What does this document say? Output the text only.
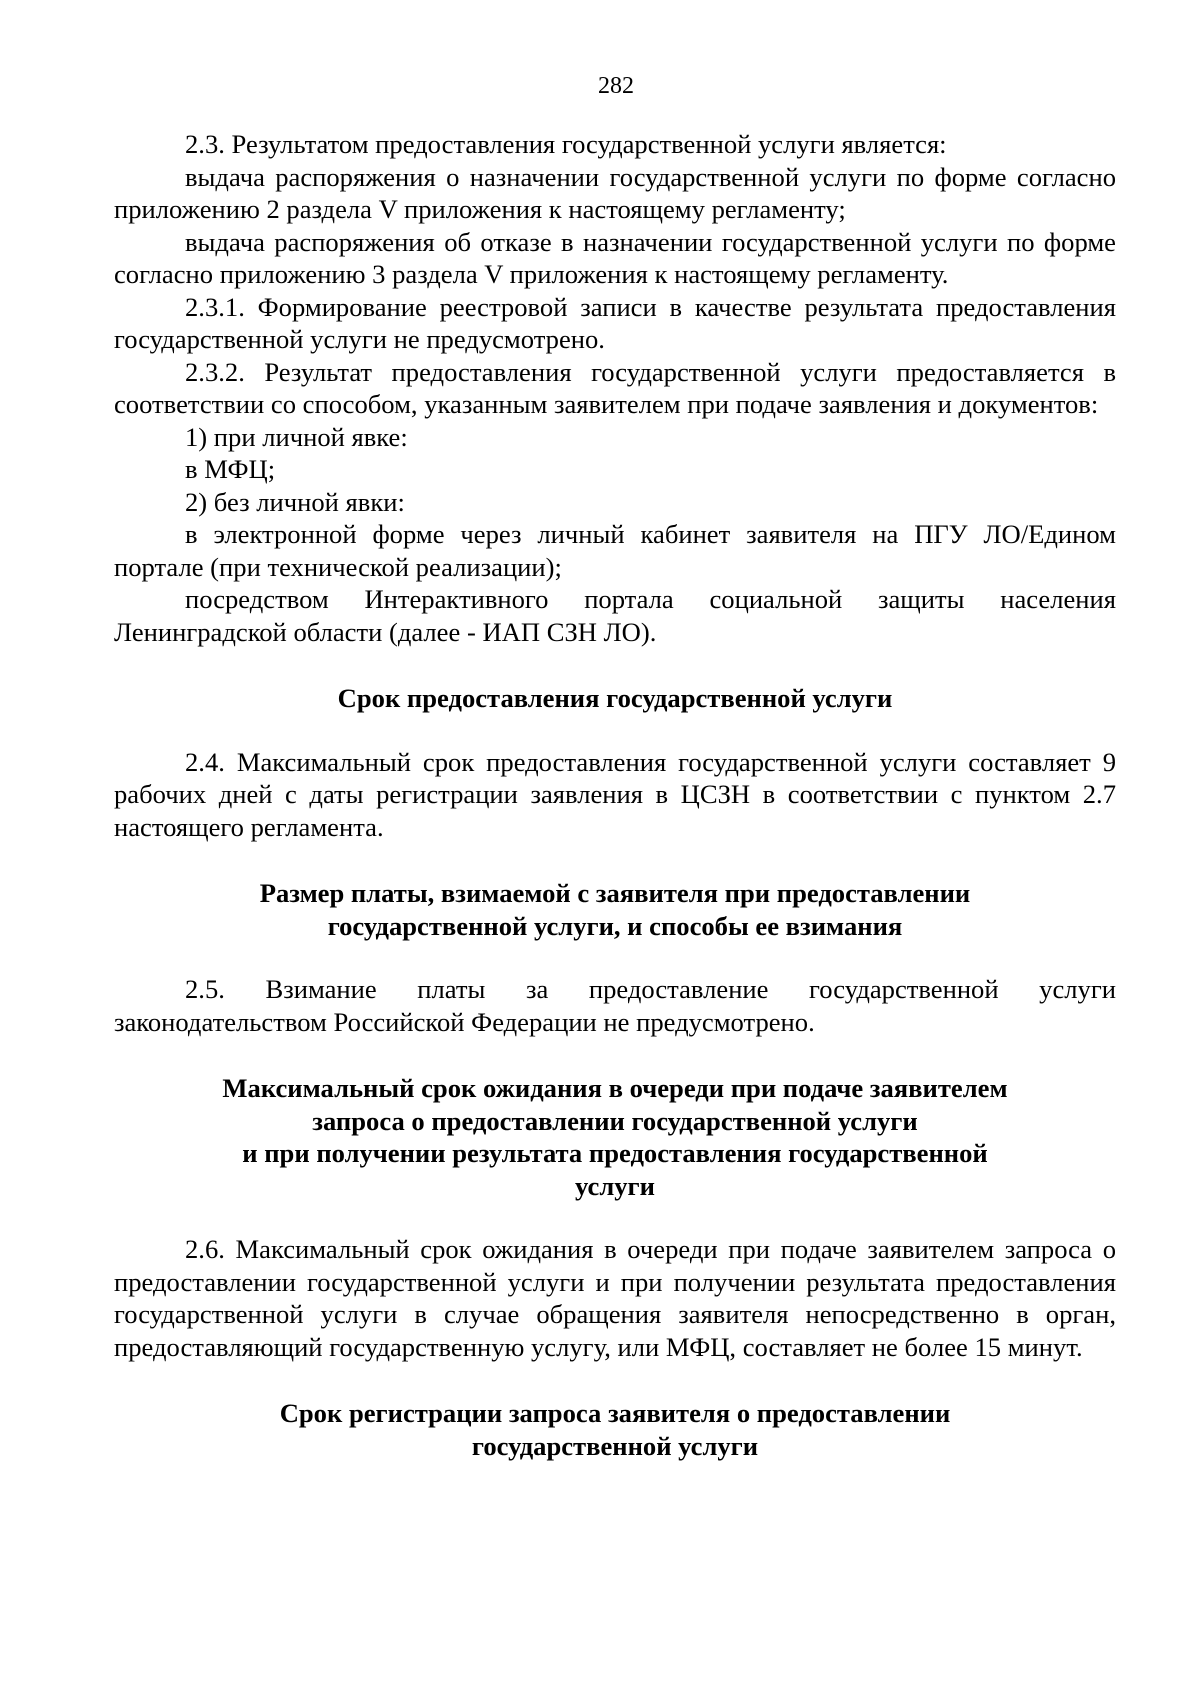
282

2.3. Результатом предоставления государственной услуги является:

выдача распоряжения о назначении государственной услуги по форме согласно приложению 2 раздела V приложения к настоящему регламенту;

выдача распоряжения об отказе в назначении государственной услуги по форме согласно приложению 3 раздела V приложения к настоящему регламенту.

2.3.1. Формирование реестровой записи в качестве результата предоставления государственной услуги не предусмотрено.

2.3.2. Результат предоставления государственной услуги предоставляется в соответствии со способом, указанным заявителем при подаче заявления и документов:

1) при личной явке:

в МФЦ;

2) без личной явки:

в электронной форме через личный кабинет заявителя на ПГУ ЛО/Едином портале (при технической реализации);

посредством Интерактивного портала социальной защиты населения Ленинградской области (далее - ИАП СЗН ЛО).

Срок предоставления государственной услуги

2.4. Максимальный срок предоставления государственной услуги составляет 9 рабочих дней с даты регистрации заявления в ЦСЗН в соответствии с пунктом 2.7 настоящего регламента.

Размер платы, взимаемой с заявителя при предоставлении

государственной услуги, и способы ее взимания

2.5. Взимание платы за предоставление государственной услуги законодательством Российской Федерации не предусмотрено.

Максимальный срок ожидания в очереди при подаче заявителем

запроса о предоставлении государственной услуги

и при получении результата предоставления государственной

услуги

2.6. Максимальный срок ожидания в очереди при подаче заявителем запроса о предоставлении государственной услуги и при получении результата предоставления государственной услуги в случае обращения заявителя непосредственно в орган, предоставляющий государственную услугу, или МФЦ, составляет не более 15 минут.

Срок регистрации запроса заявителя о предоставлении

государственной услуги
